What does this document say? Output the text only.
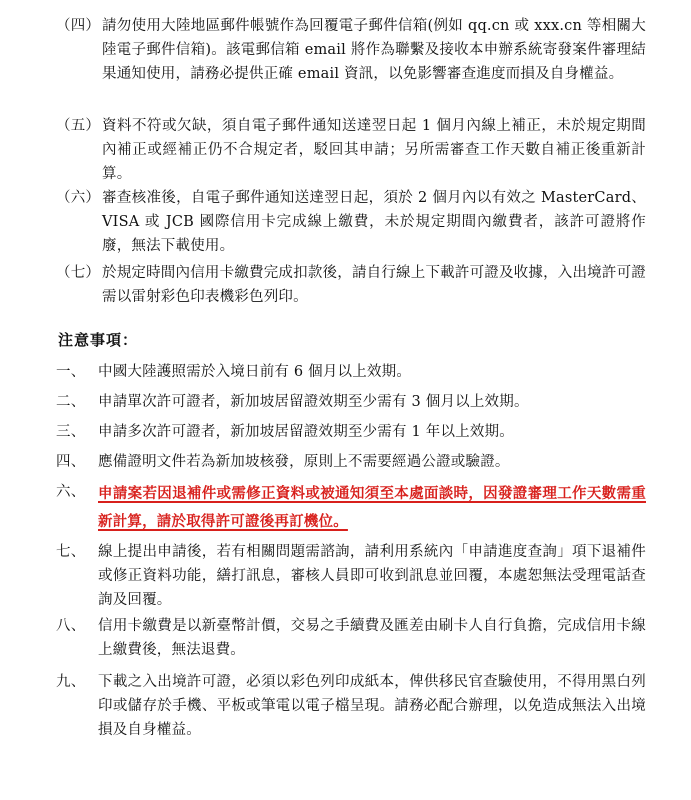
（四） 請勿使用大陸地區郵件帳號作為回覆電子郵件信箱(例如 qq.cn 或 xxx.cn 等相關大陸電子郵件信箱)。該電郵信箱 email 將作為聯繫及接收本申辦系統寄發案件審理結果通知使用，請務必提供正確 email 資訊，以免影響審查進度而損及自身權益。
（五） 資料不符或欠缺，須自電子郵件通知送達翌日起 1 個月內線上補正，未於規定期間內補正或經補正仍不合規定者，駁回其申請；另所需審查工作天數自補正後重新計算。
（六） 審查核准後，自電子郵件通知送達翌日起，須於 2 個月內以有效之 MasterCard、VISA 或 JCB 國際信用卡完成線上繳費，未於規定期間內繳費者，該許可證將作廢，無法下載使用。
（七） 於規定時間內信用卡繳費完成扣款後，請自行線上下載許可證及收據，入出境許可證需以雷射彩色印表機彩色列印。
注意事項：
一、 中國大陸護照需於入境日前有 6 個月以上效期。
二、 申請單次許可證者，新加坡居留證效期至少需有 3 個月以上效期。
三、 申請多次許可證者，新加坡居留證效期至少需有 1 年以上效期。
四、 應備證明文件若為新加坡核發，原則上不需要經過公證或驗證。
六、 申請案若因退補件或需修正資料或被通知須至本處面談時，因發證審理工作天數需重新計算，請於取得許可證後再訂機位。
七、 線上提出申請後，若有相關問題需諮詢，請利用系統內「申請進度查詢」項下退補件或修正資料功能，繕打訊息，審核人員即可收到訊息並回覆，本處恕無法受理電話查詢及回覆。
八、 信用卡繳費是以新臺幣計價，交易之手續費及匯差由刷卡人自行負擔，完成信用卡線上繳費後，無法退費。
九、 下載之入出境許可證，必須以彩色列印成紙本，俾供移民官查驗使用，不得用黑白列印或儲存於手機、平板或筆電以電子檔呈現。請務必配合辦理，以免造成無法入出境損及自身權益。
